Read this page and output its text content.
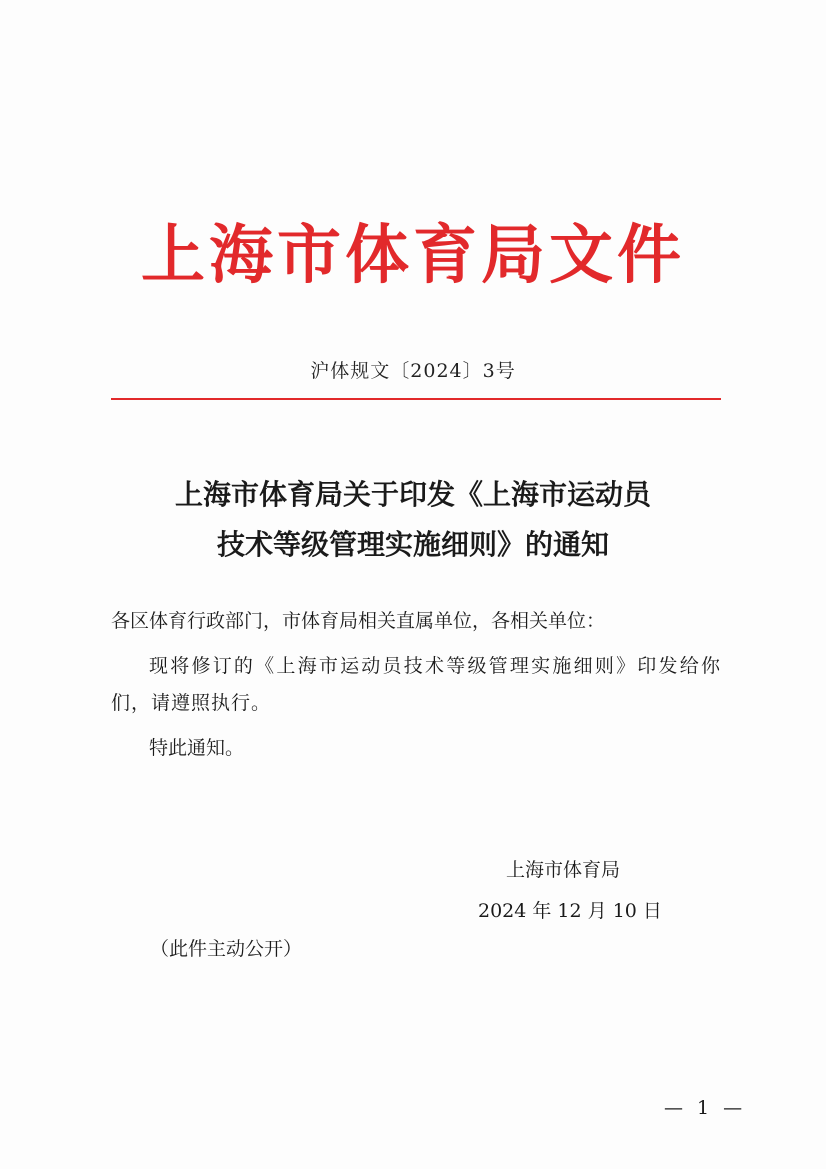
上海市体育局文件
沪体规文〔2024〕3号
上海市体育局关于印发《上海市运动员
技术等级管理实施细则》的通知
各区体育行政部门，市体育局相关直属单位，各相关单位：
现将修订的《上海市运动员技术等级管理实施细则》印发给你们，请遵照执行。
特此通知。
上海市体育局
2024 年 12 月 10 日
（此件主动公开）
— 1 —
